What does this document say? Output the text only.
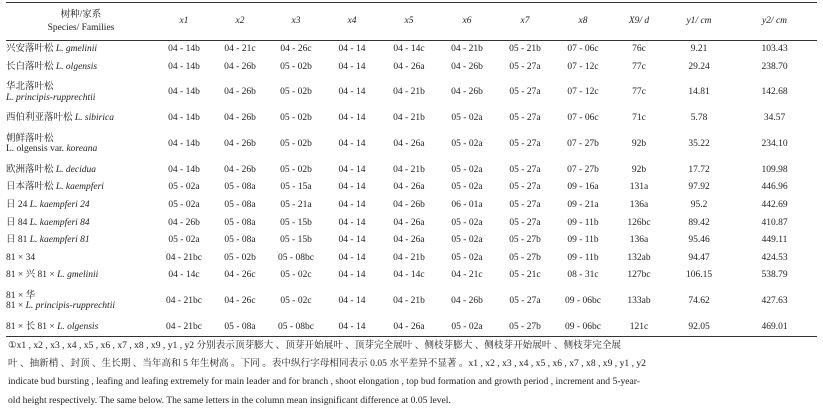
树种/家系
Species/ Families	x1	x2	x3	x4	x5	x6	x7	x8	X9/ d	y1/ cm	y2/ cm

兴安落叶松 L. gmelinii	04 - 14b	04 - 21c	04 - 26c	04 - 14	04 - 14c	04 - 21b	05 - 21b	07 - 06c	76c	9.21	103.43

长白落叶松 L. olgensis	04 - 14b	04 - 26b	05 - 02b	04 - 14	04 - 26a	04 - 26b	05 - 27a	07 - 12c	77c	29.24	238.70

华北落叶松
L. principis-rupprechtii	04 - 14b	04 - 26b	05 - 02b	04 - 14	04 - 21b	04 - 26b	05 - 27a	07 - 12c	77c	14.81	142.68

西伯利亚落叶松 L. sibirica	04 - 14b	04 - 26b	05 - 02b	04 - 14	04 - 21b	05 - 02a	05 - 27a	07 - 06c	71c	5.78	34.57

朝鲜落叶松
L. olgensis var. koreana	04 - 14b	04 - 26b	05 - 02b	04 - 14	04 - 26a	05 - 02a	05 - 27a	07 - 27b	92b	35.22	234.10

欧洲落叶松 L. decidua	04 - 14b	04 - 26b	05 - 02b	04 - 14	04 - 21b	05 - 02a	05 - 27a	07 - 27b	92b	17.72	109.98

日本落叶松 L. kaempferi	05 - 02a	05 - 08a	05 - 15a	04 - 14	04 - 26a	05 - 02a	05 - 27a	09 - 16a	131a	97.92	446.96

日 24 L. kaempferi 24	05 - 02a	05 - 08a	05 - 21a	04 - 14	04 - 26b	06 - 01a	05 - 27a	09 - 21a	136a	95.2	442.69

日 84 L. kaempferi 84	04 - 26b	05 - 08a	05 - 15b	04 - 14	04 - 26a	05 - 02a	05 - 27a	09 - 11b	126bc	89.42	410.87

日 81 L. kaempferi 81	05 - 02a	05 - 08a	05 - 15b	04 - 14	04 - 26a	05 - 02a	05 - 27b	09 - 11b	136a	95.46	449.11

81 × 34	04 - 21bc	05 - 02b	05 - 08bc	04 - 14	04 - 21b	05 - 02a	05 - 27b	09 - 11b	132ab	94.47	424.53

81 × 兴 81 × L. gmelinii	04 - 14c	04 - 26c	05 - 02c	04 - 14	04 - 14c	04 - 21c	05 - 21c	08 - 31c	127bc	106.15	538.79

81 × 华
81 × L. principis-rupprechtii	04 - 21bc	04 - 26c	05 - 02c	04 - 14	04 - 21b	04 - 26b	05 - 27a	09 - 06bc	133ab	74.62	427.63

81 × 长 81 × L. olgensis	04 - 21bc	05 - 08a	05 - 08bc	04 - 14	04 - 26a	05 - 02a	05 - 27b	09 - 06bc	121c	92.05	469.01

①x1 , x2 , x3 , x4 , x5 , x6 , x7 , x8 , x9 , y1 , y2 分别表示顶芽膨大 、顶芽开始展叶 、顶芽完全展叶 、侧枝芽膨大 、侧枝芽开始展叶 、侧枝芽完全展

叶 、抽新梢 、封顶 、生长期 、当年高和 5 年生树高 。下同 。表中纵行字母相同表示 0.05 水平差异不显著 。x1 , x2 , x3 , x4 , x5 , x6 , x7 , x8 , x9 , y1 , y2

indicate bud bursting , leafing and leafing extremely for main leader and for branch , shoot elongation , top bud formation and growth period , increment and 5-year-

old height respectively. The same below. The same letters in the column mean insignificant difference at 0.05 level.
